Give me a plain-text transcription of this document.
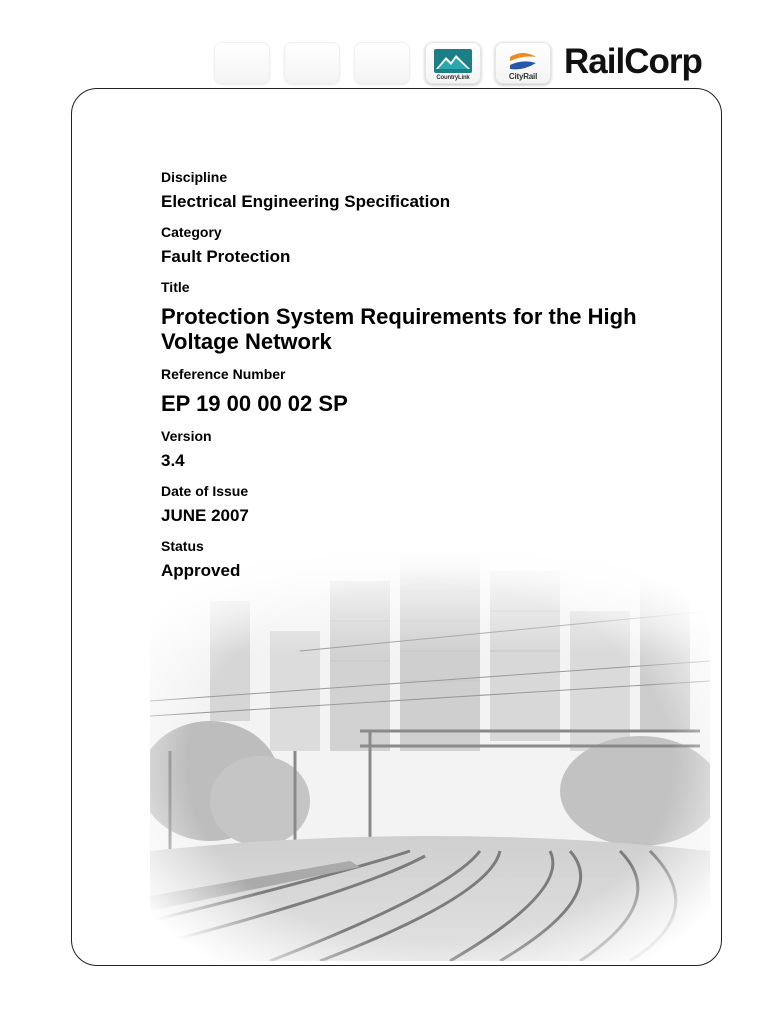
CountryLink	CityRail RailCorp

Discipline

Electrical Engineering Specification

Category

Fault Protection

Title

Protection System Requirements for the High Voltage Network

Reference Number

EP 19 00 00 02 SP

Version

3.4

Date of Issue

JUNE 2007

Status

Approved
